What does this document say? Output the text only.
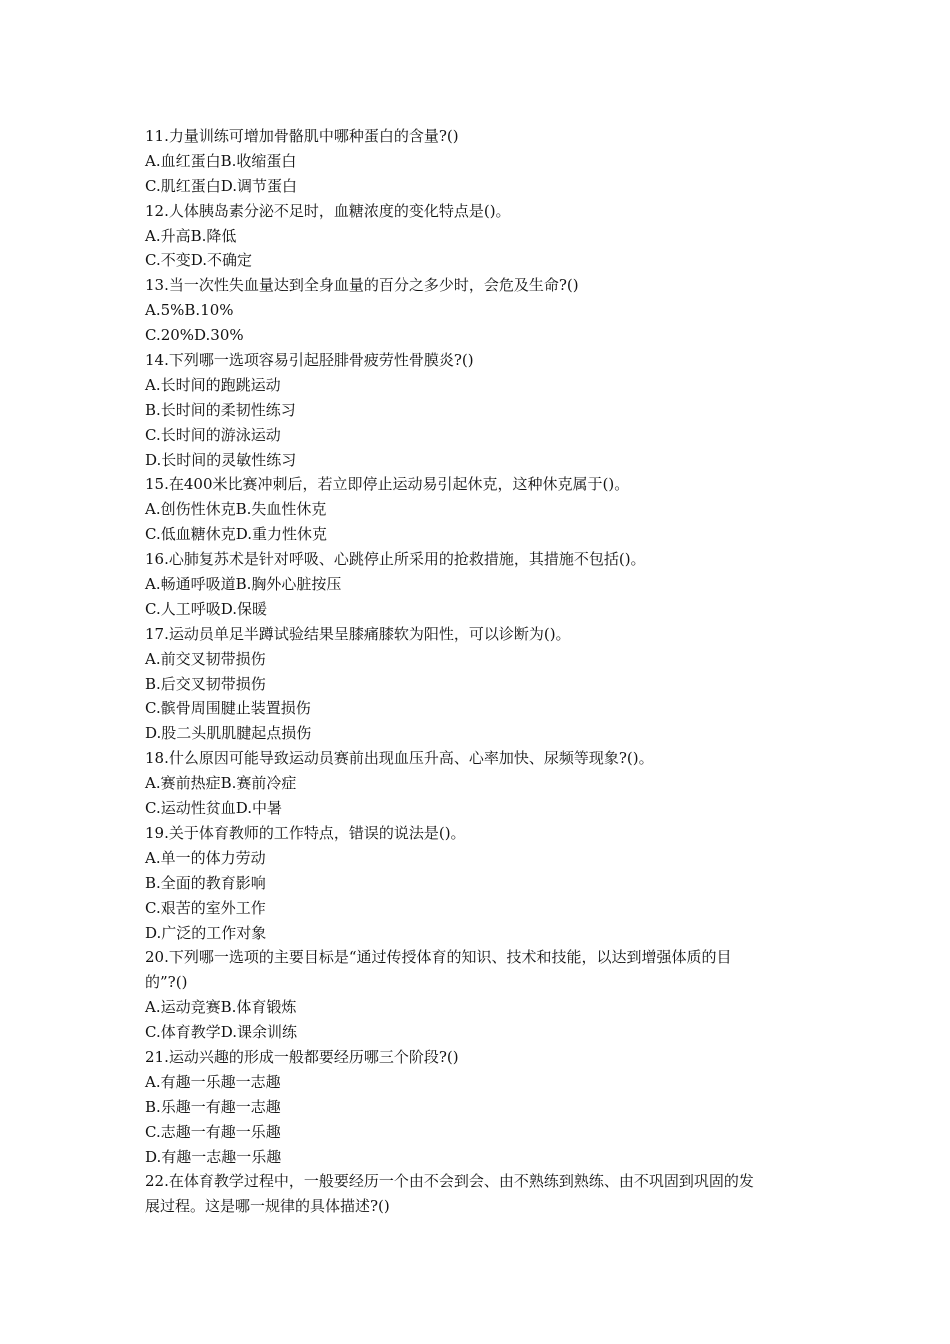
11.力量训练可增加骨骼肌中哪种蛋白的含量?()

A.血红蛋白B.收缩蛋白

C.肌红蛋白D.调节蛋白

12.人体胰岛素分泌不足时，血糖浓度的变化特点是()。

A.升高B.降低

C.不变D.不确定

13.当一次性失血量达到全身血量的百分之多少时，会危及生命?()

A.5%B.10%

C.20%D.30%

14.下列哪一选项容易引起胫腓骨疲劳性骨膜炎?()

A.长时间的跑跳运动

B.长时间的柔韧性练习

C.长时间的游泳运动

D.长时间的灵敏性练习

15.在400米比赛冲刺后，若立即停止运动易引起休克，这种休克属于()。

A.创伤性休克B.失血性休克

C.低血糖休克D.重力性休克

16.心肺复苏术是针对呼吸、心跳停止所采用的抢救措施，其措施不包括()。

A.畅通呼吸道B.胸外心脏按压

C.人工呼吸D.保暖

17.运动员单足半蹲试验结果呈膝痛膝软为阳性，可以诊断为()。

A.前交叉韧带损伤

B.后交叉韧带损伤

C.髌骨周围腱止装置损伤

D.股二头肌肌腱起点损伤

18.什么原因可能导致运动员赛前出现血压升高、心率加快、尿频等现象?()。

A.赛前热症B.赛前冷症

C.运动性贫血D.中暑

19.关于体育教师的工作特点，错误的说法是()。

A.单一的体力劳动

B.全面的教育影响

C.艰苦的室外工作

D.广泛的工作对象

20.下列哪一选项的主要目标是“通过传授体育的知识、技术和技能，以达到增强体质的目

的”?()

A.运动竞赛B.体育锻炼

C.体育教学D.课余训练

21.运动兴趣的形成一般都要经历哪三个阶段?()

A.有趣一乐趣一志趣

B.乐趣一有趣一志趣

C.志趣一有趣一乐趣

D.有趣一志趣一乐趣

22.在体育教学过程中，一般要经历一个由不会到会、由不熟练到熟练、由不巩固到巩固的发

展过程。这是哪一规律的具体描述?()
